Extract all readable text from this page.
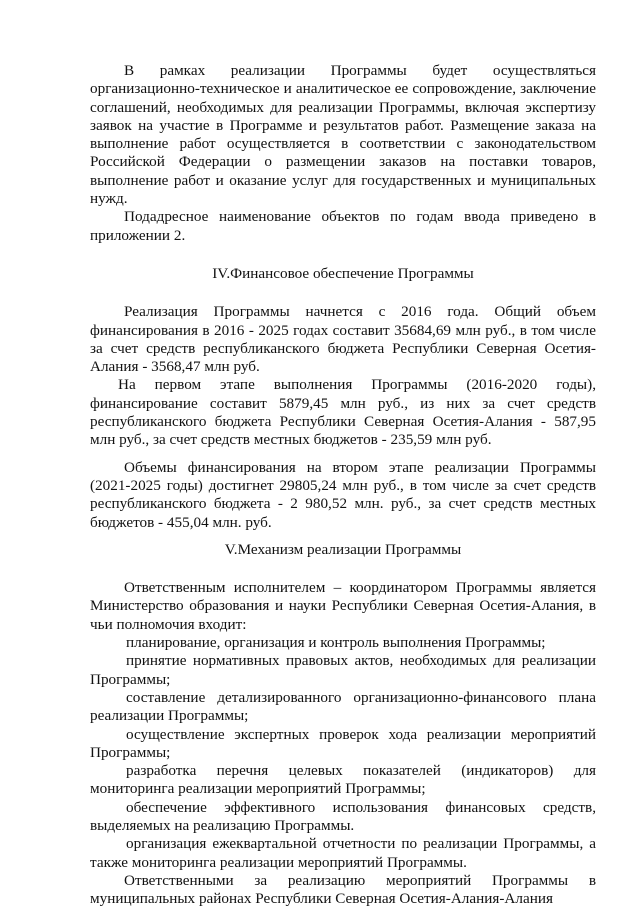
В рамках реализации Программы будет осуществляться организационно-техническое и аналитическое ее сопровождение, заключение соглашений, необходимых для реализации Программы, включая экспертизу заявок на участие в Программе и результатов работ. Размещение заказа на выполнение работ осуществляется в соответствии с законодательством Российской Федерации о размещении заказов на поставки товаров, выполнение работ и оказание услуг для государственных и муниципальных нужд.

Подадресное наименование объектов по годам ввода приведено в приложении 2.

IV.Финансовое обеспечение Программы

Реализация Программы начнется с 2016 года. Общий объем финансирования в 2016 - 2025 годах составит 35684,69 млн руб., в том числе за счет средств республиканского бюджета Республики Северная Осетия-Алания - 3568,47 млн руб.

На первом этапе выполнения Программы (2016-2020 годы), финансирование составит 5879,45 млн руб., из них за счет средств республиканского бюджета Республики Северная Осетия-Алания - 587,95 млн руб., за счет средств местных бюджетов - 235,59 млн руб.

Объемы финансирования на втором этапе реализации Программы (2021-2025 годы) достигнет 29805,24 млн руб., в том числе за счет средств республиканского бюджета - 2 980,52 млн. руб., за счет средств местных бюджетов - 455,04 млн. руб.

V.Механизм реализации Программы

Ответственным исполнителем – координатором Программы является Министерство образования и науки Республики Северная Осетия-Алания, в чьи полномочия входит:

планирование, организация и контроль выполнения Программы;

принятие нормативных правовых актов, необходимых для реализации Программы;

составление детализированного организационно-финансового плана реализации Программы;

осуществление экспертных проверок хода реализации мероприятий Программы;

разработка перечня целевых показателей (индикаторов) для мониторинга реализации мероприятий Программы;

обеспечение эффективного использования финансовых средств, выделяемых на реализацию Программы.

организация ежеквартальной отчетности по реализации Программы, а также мониторинга реализации мероприятий Программы.

Ответственными за реализацию мероприятий Программы в муниципальных районах Республики Северная Осетия-Алания-Алания
